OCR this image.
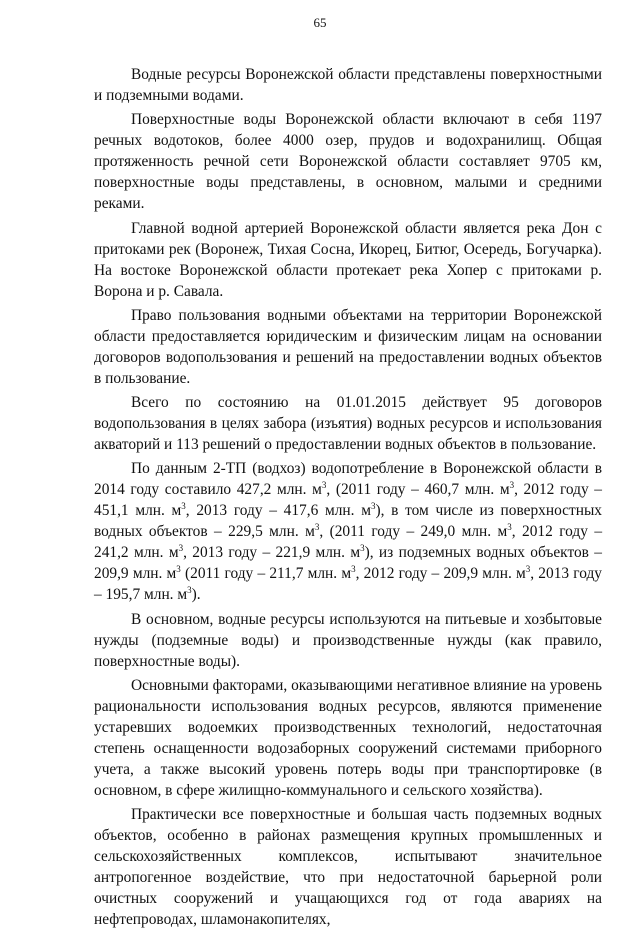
65

Водные ресурсы Воронежской области представлены поверхностными и подземными водами.

Поверхностные воды Воронежской области включают в себя 1197 речных водотоков, более 4000 озер, прудов и водохранилищ. Общая протяженность речной сети Воронежской области составляет 9705 км, поверхностные воды представлены, в основном, малыми и средними реками.

Главной водной артерией Воронежской области является река Дон с притоками рек (Воронеж, Тихая Сосна, Икорец, Битюг, Осередь, Богучарка). На востоке Воронежской области протекает река Хопер с притоками р. Ворона и р. Савала.

Право пользования водными объектами на территории Воронежской области предоставляется юридическим и физическим лицам на основании договоров водопользования и решений на предоставлении водных объектов в пользование.

Всего по состоянию на 01.01.2015 действует 95 договоров водопользования в целях забора (изъятия) водных ресурсов и использования акваторий и 113 решений о предоставлении водных объектов в пользование.

По данным 2-ТП (водхоз) водопотребление в Воронежской области в 2014 году составило 427,2 млн. $м^3$, (2011 году – 460,7 млн. $м^3$, 2012 году – 451,1 млн. $м^3$, 2013 году – 417,6 млн. $м^3$), в том числе из поверхностных водных объектов – 229,5 млн. $м^3$, (2011 году – 249,0 млн. $м^3$, 2012 году – 241,2 млн. $м^3$, 2013 году – 221,9 млн. $м^3$), из подземных водных объектов – 209,9 млн. $м^3$ (2011 году – 211,7 млн. $м^3$, 2012 году – 209,9 млн. $м^3$, 2013 году – 195,7 млн. $м^3$).

В основном, водные ресурсы используются на питьевые и хозбытовые нужды (подземные воды) и производственные нужды (как правило, поверхностные воды).

Основными факторами, оказывающими негативное влияние на уровень рациональности использования водных ресурсов, являются применение устаревших водоемких производственных технологий, недостаточная степень оснащенности водозаборных сооружений системами приборного учета, а также высокий уровень потерь воды при транспортировке (в основном, в сфере жилищно-коммунального и сельского хозяйства).

Практически все поверхностные и большая часть подземных водных объектов, особенно в районах размещения крупных промышленных и сельскохозяйственных комплексов, испытывают значительное антропогенное воздействие, что при недостаточной барьерной роли очистных сооружений и учащающихся год от года авариях на нефтепроводах, шламонакопителях,
